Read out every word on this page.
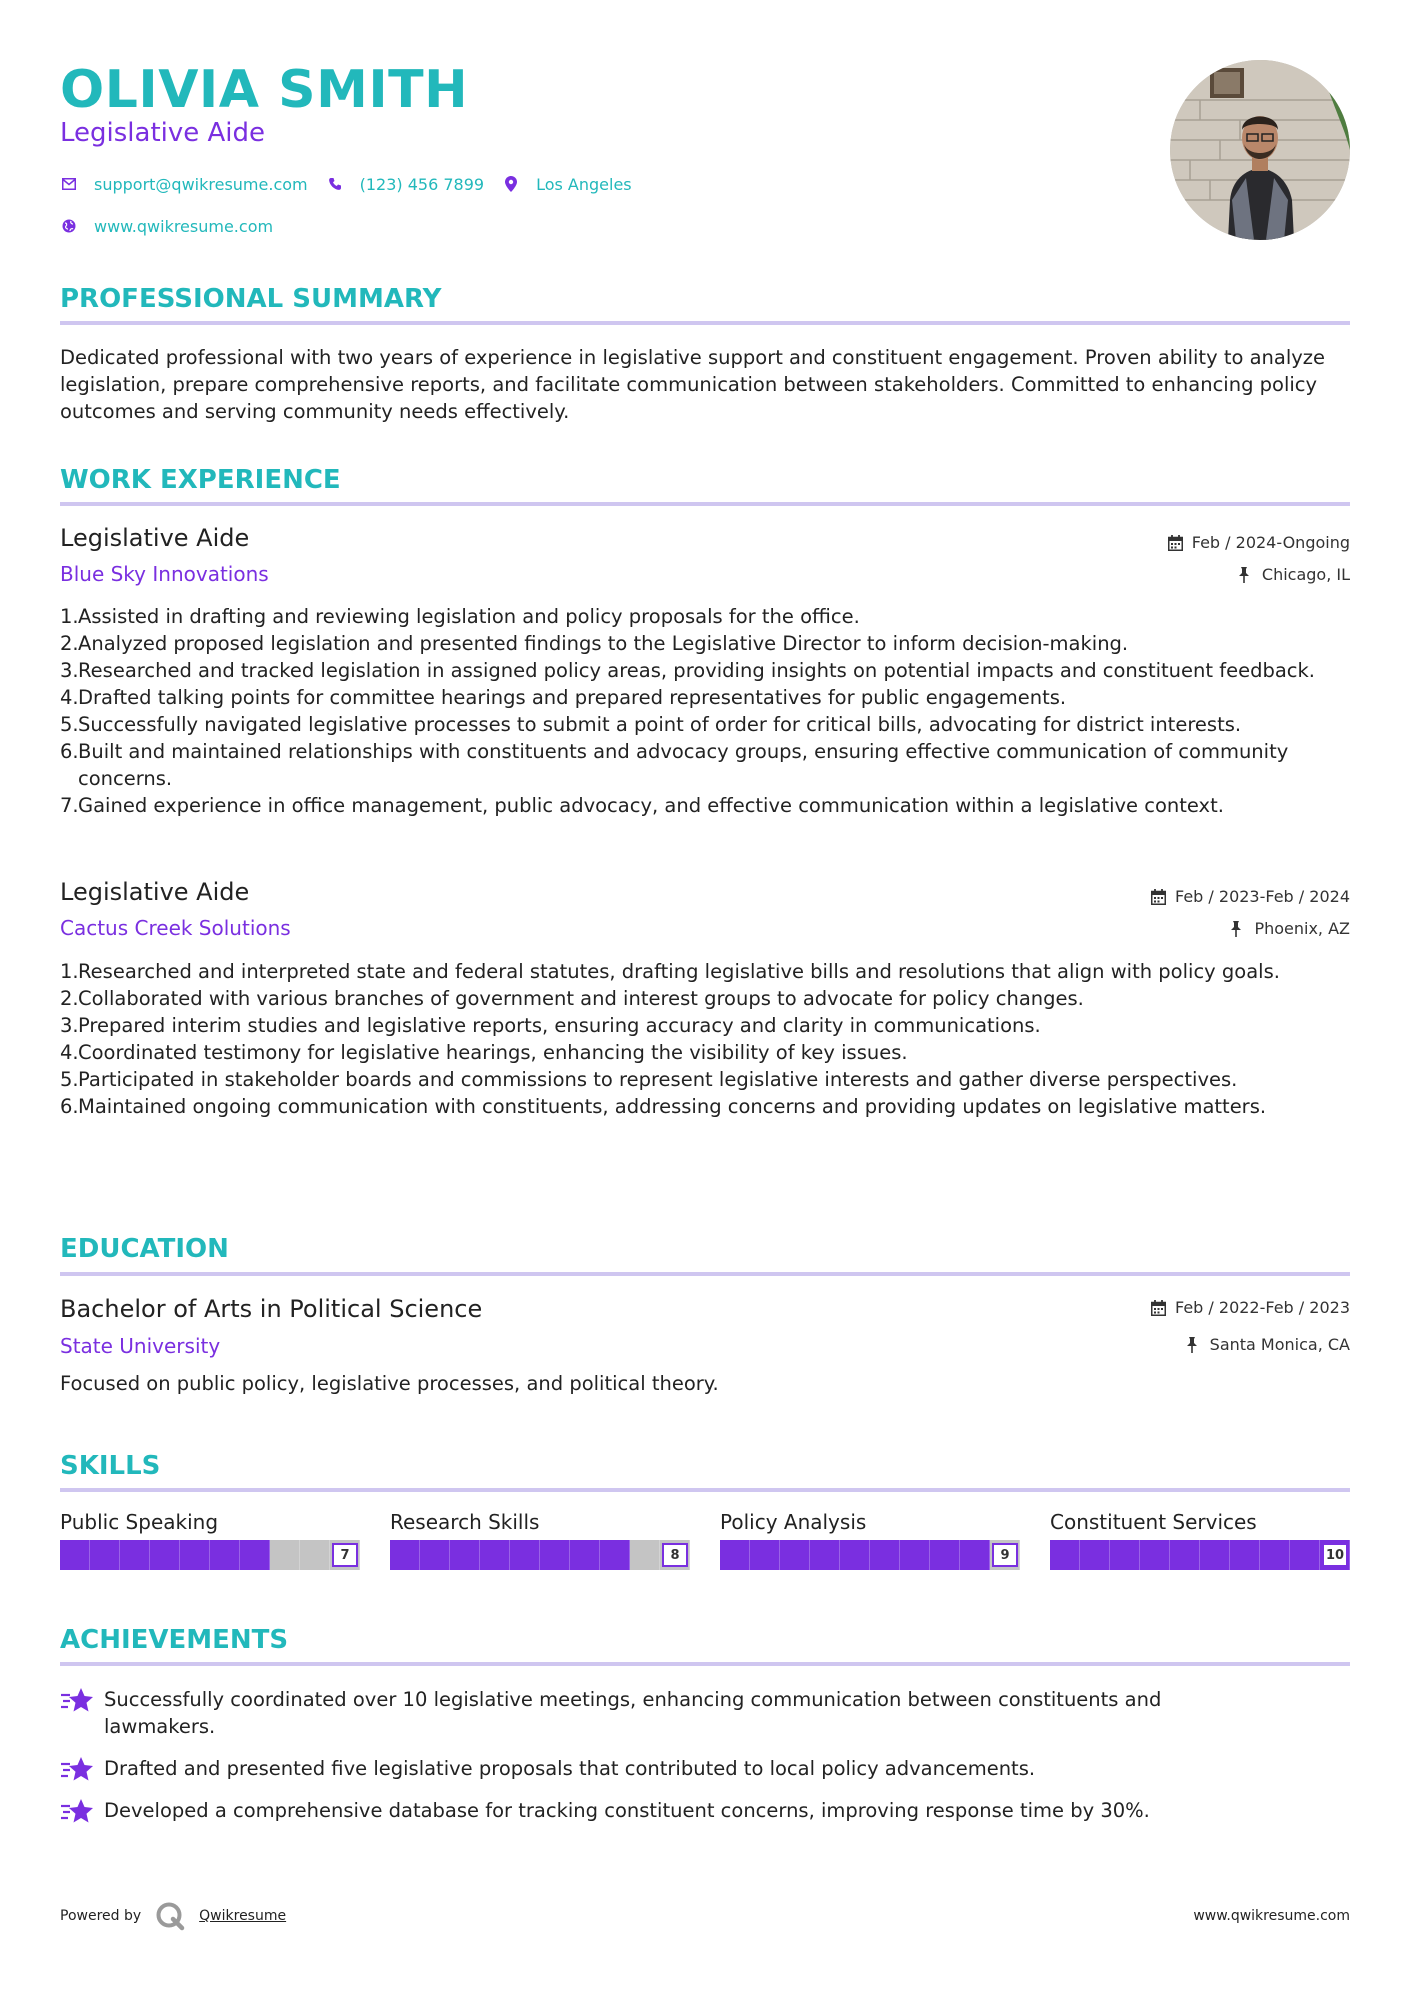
OLIVIA SMITH
Legislative Aide
support@qwikresume.com	(123) 456 7899	Los Angeles
www.qwikresume.com
PROFESSIONAL SUMMARY
Dedicated professional with two years of experience in legislative support and constituent engagement. Proven ability to analyze legislation, prepare comprehensive reports, and facilitate communication between stakeholders. Committed to enhancing policy outcomes and serving community needs effectively.
WORK EXPERIENCE
Legislative Aide
Blue Sky Innovations
Feb / 2024-Ongoing
Chicago, IL
1. Assisted in drafting and reviewing legislation and policy proposals for the office.
2. Analyzed proposed legislation and presented findings to the Legislative Director to inform decision-making.
3. Researched and tracked legislation in assigned policy areas, providing insights on potential impacts and constituent feedback.
4. Drafted talking points for committee hearings and prepared representatives for public engagements.
5. Successfully navigated legislative processes to submit a point of order for critical bills, advocating for district interests.
6. Built and maintained relationships with constituents and advocacy groups, ensuring effective communication of community concerns.
7. Gained experience in office management, public advocacy, and effective communication within a legislative context.
Legislative Aide
Cactus Creek Solutions
Feb / 2023-Feb / 2024
Phoenix, AZ
1. Researched and interpreted state and federal statutes, drafting legislative bills and resolutions that align with policy goals.
2. Collaborated with various branches of government and interest groups to advocate for policy changes.
3. Prepared interim studies and legislative reports, ensuring accuracy and clarity in communications.
4. Coordinated testimony for legislative hearings, enhancing the visibility of key issues.
5. Participated in stakeholder boards and commissions to represent legislative interests and gather diverse perspectives.
6. Maintained ongoing communication with constituents, addressing concerns and providing updates on legislative matters.
EDUCATION
Bachelor of Arts in Political Science
State University
Feb / 2022-Feb / 2023
Santa Monica, CA
Focused on public policy, legislative processes, and political theory.
SKILLS
Public Speaking
7
Research Skills
8
Policy Analysis
9
Constituent Services
10
ACHIEVEMENTS
Successfully coordinated over 10 legislative meetings, enhancing communication between constituents and lawmakers.
Drafted and presented five legislative proposals that contributed to local policy advancements.
Developed a comprehensive database for tracking constituent concerns, improving response time by 30%.
Powered by	Qwikresume	www.qwikresume.com
